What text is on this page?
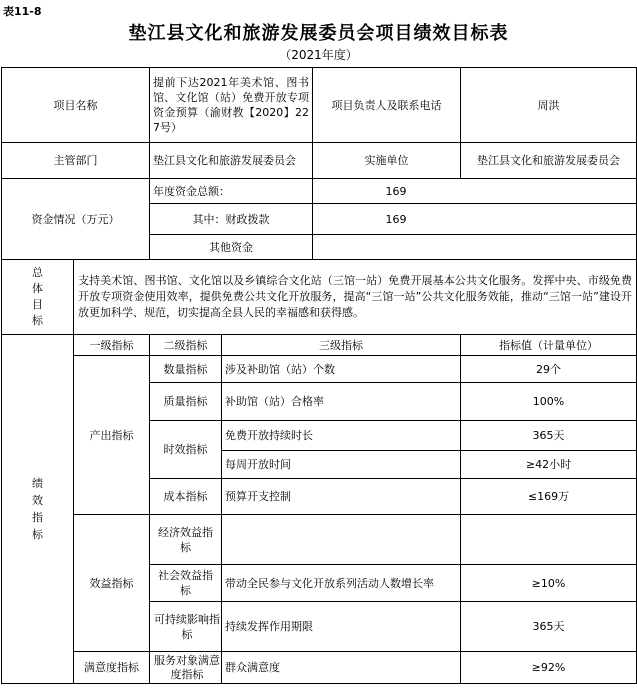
表11-8
垫江县文化和旅游发展委员会项目绩效目标表
（2021年度）
项目名称		提前下达2021年美术馆、图书馆、文化馆（站）免费开放专项资金预算（渝财教【2020】227号）		项目负责人及联系电话	周洪
主管部门		垫江县文化和旅游发展委员会		实施单位	垫江县文化和旅游发展委员会
资金情况（万元）		年度资金总额：		169	
		其中：财政拨款		169	
		其他资金			

总体目标	支持美术馆、图书馆、文化馆以及乡镇综合文化站（三馆一站）免费开展基本公共文化服务。发挥中央、市级免费开放专项资金使用效率，提供免费公共文化开放服务，提高“三馆一站”公共文化服务效能，推动“三馆一站”建设开放更加科学、规范，切实提高全县人民的幸福感和获得感。				

绩效指标	一级指标	二级指标	三级指标		指标值（计量单位）
	产出指标	数量指标	涉及补助馆（站）个数		29个
		质量指标	补助馆（站）合格率		100%
		时效指标	免费开放持续时长		365天
			每周开放时间		≥42小时
		成本指标	预算开支控制		≤169万
	效益指标	经济效益指标			

		社会效益指标	带动全民参与文化开放系列活动人数增长率		≥10%

		可持续影响指标	持续发挥作用期限		365天
	满意度指标	服务对象满意度指标	群众满意度		≥92%
